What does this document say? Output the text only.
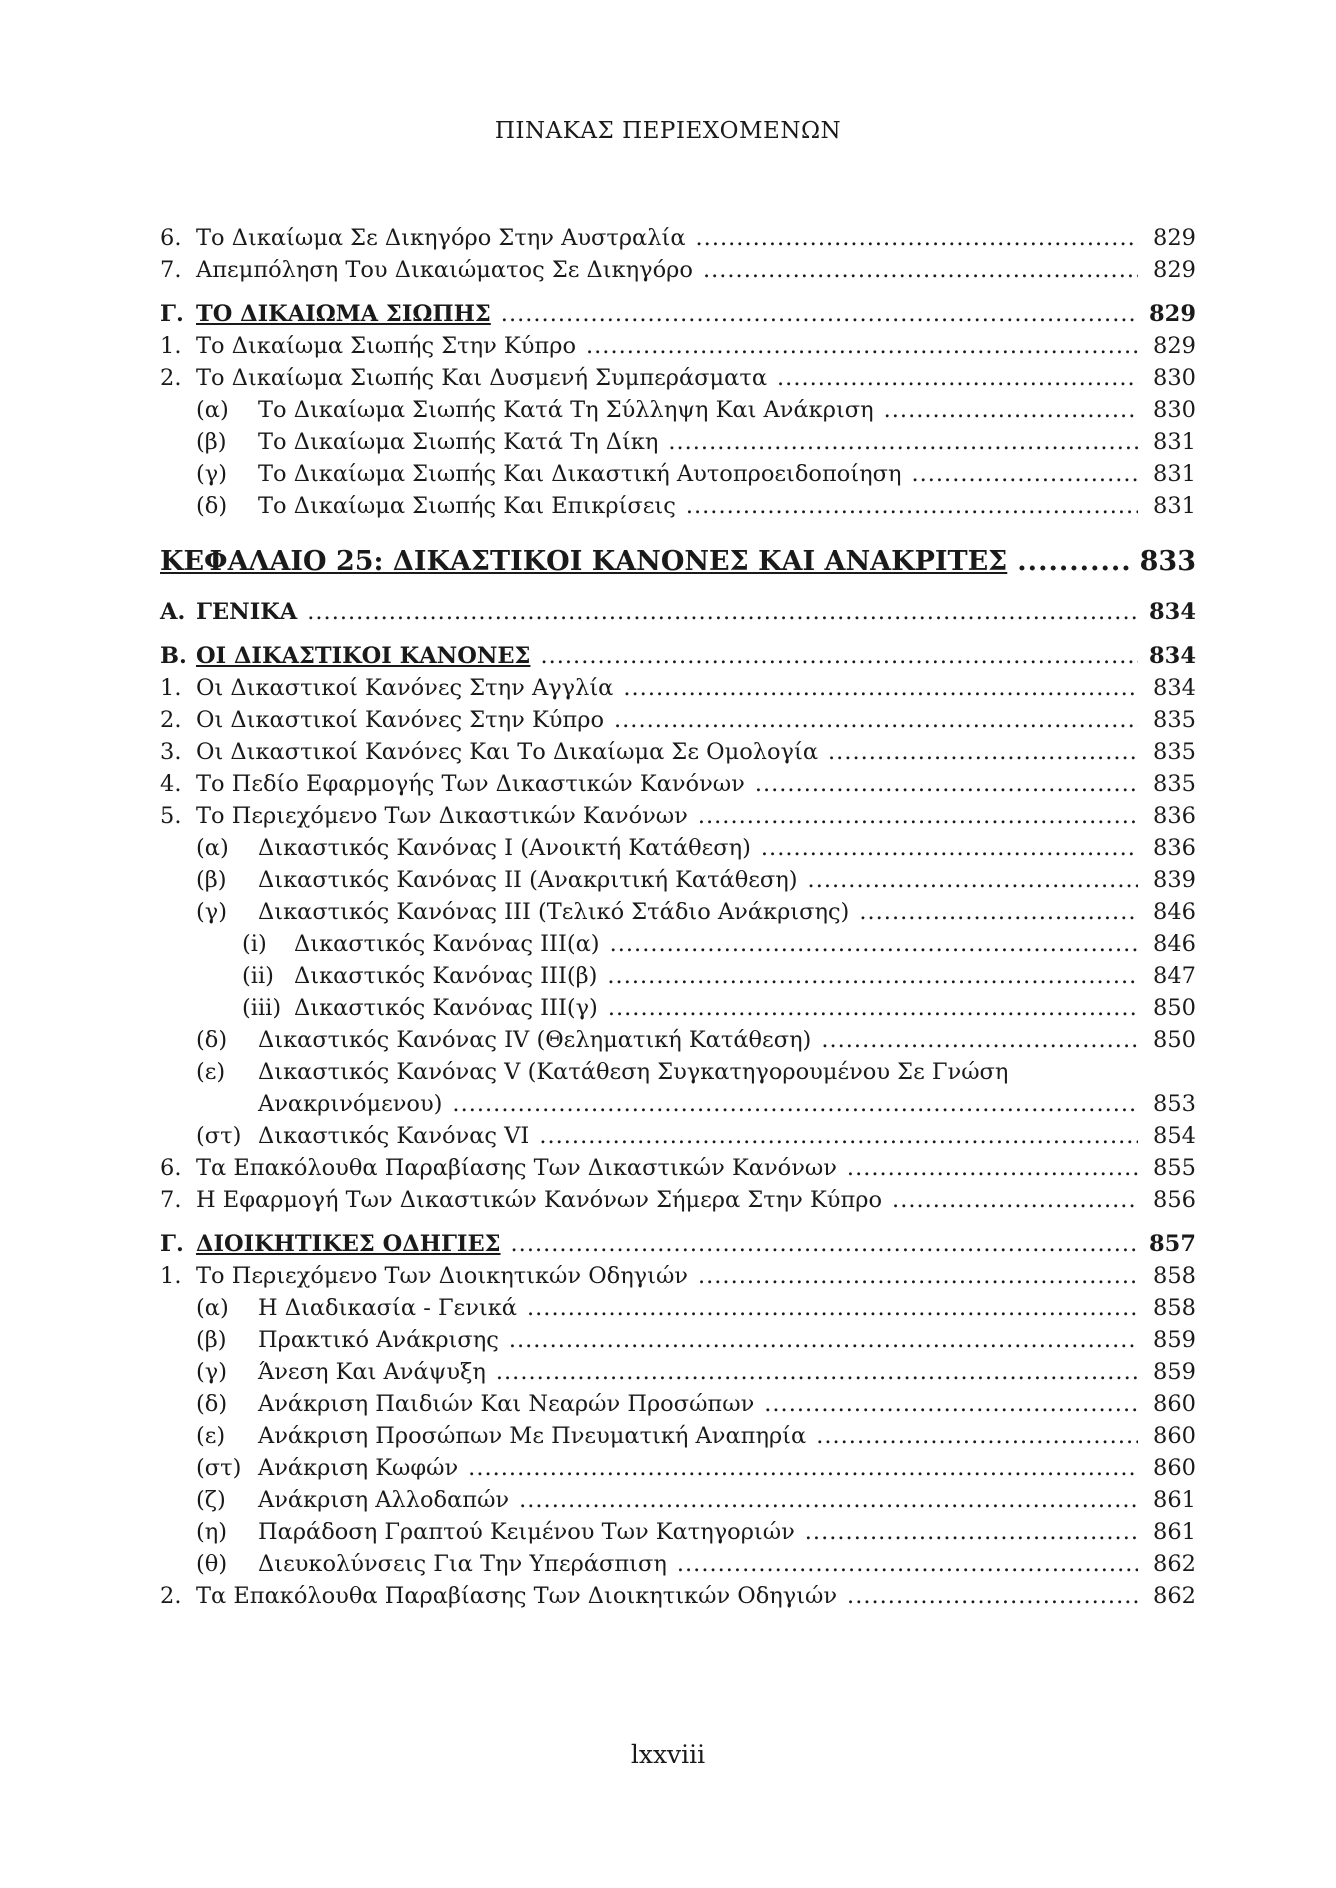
ΠΙΝΑΚΑΣ ΠΕΡΙΕΧΟΜΕΝΩΝ
6. Το Δικαίωμα Σε Δικηγόρο Στην Αυστραλία .....	829
7. Απεμπόληση Του Δικαιώματος Σε Δικηγόρο .....	829
Γ. ΤΟ ΔΙΚΑΙΩΜΑ ΣΙΩΠΗΣ .....	829
1. Το Δικαίωμα Σιωπής Στην Κύπρο .....	829
2. Το Δικαίωμα Σιωπής Και Δυσμενή Συμπεράσματα .....	830
(α)	Το Δικαίωμα Σιωπής Κατά Τη Σύλληψη Και Ανάκριση .....	830
(β)	Το Δικαίωμα Σιωπής Κατά Τη Δίκη .....	831
(γ)	Το Δικαίωμα Σιωπής Και Δικαστική Αυτοπροειδοποίηση .....	831
(δ)	Το Δικαίωμα Σιωπής Και Επικρίσεις .....	831
ΚΕΦΑΛΑΙΟ 25: ΔΙΚΑΣΤΙΚΟΙ ΚΑΝΟΝΕΣ ΚΑΙ ΑΝΑΚΡΙΤΕΣ .....	833
Α. ΓΕΝΙΚΑ .....	834
Β. ΟΙ ΔΙΚΑΣΤΙΚΟΙ ΚΑΝΟΝΕΣ .....	834
1. Οι Δικαστικοί Κανόνες Στην Αγγλία .....	834
2. Οι Δικαστικοί Κανόνες Στην Κύπρο .....	835
3. Οι Δικαστικοί Κανόνες Και Το Δικαίωμα Σε Ομολογία .....	835
4. Το Πεδίο Εφαρμογής Των Δικαστικών Κανόνων .....	835
5. Το Περιεχόμενο Των Δικαστικών Κανόνων .....	836
(α)	Δικαστικός Κανόνας Ι (Ανοικτή Κατάθεση) .....	836
(β)	Δικαστικός Κανόνας ΙΙ (Ανακριτική Κατάθεση) .....	839
(γ)	Δικαστικός Κανόνας ΙΙΙ (Τελικό Στάδιο Ανάκρισης) .....	846
(i)	Δικαστικός Κανόνας ΙΙΙ(α) .....	846
(ii) Δικαστικός Κανόνας ΙΙΙ(β) .....	847
(iii) Δικαστικός Κανόνας ΙΙΙ(γ) .....	850
(δ)	Δικαστικός Κανόνας IV (Θεληματική Κατάθεση) .....	850
(ε)	Δικαστικός Κανόνας V (Κατάθεση Συγκατηγορουμένου Σε Γνώση
Ανακρινόμενου) .....	853
(στ) Δικαστικός Κανόνας VI .....	854
6. Τα Επακόλουθα Παραβίασης Των Δικαστικών Κανόνων .....	855
7. Η Εφαρμογή Των Δικαστικών Κανόνων Σήμερα Στην Κύπρο .....	856
Γ. ΔΙΟΙΚΗΤΙΚΕΣ ΟΔΗΓΙΕΣ .....	857
1. Το Περιεχόμενο Των Διοικητικών Οδηγιών .....	858
(α)	Η Διαδικασία - Γενικά .....	858
(β)	Πρακτικό Ανάκρισης .....	859
(γ)	Άνεση Και Ανάψυξη .....	859
(δ)	Ανάκριση Παιδιών Και Νεαρών Προσώπων .....	860
(ε)	Ανάκριση Προσώπων Με Πνευματική Αναπηρία .....	860
(στ) Ανάκριση Κωφών .....	860
(ζ)	Ανάκριση Αλλοδαπών .....	861
(η)	Παράδοση Γραπτού Κειμένου Των Κατηγοριών .....	861
(θ)	Διευκολύνσεις Για Την Υπεράσπιση .....	862
2. Τα Επακόλουθα Παραβίασης Των Διοικητικών Οδηγιών .....	862
lxxviii
